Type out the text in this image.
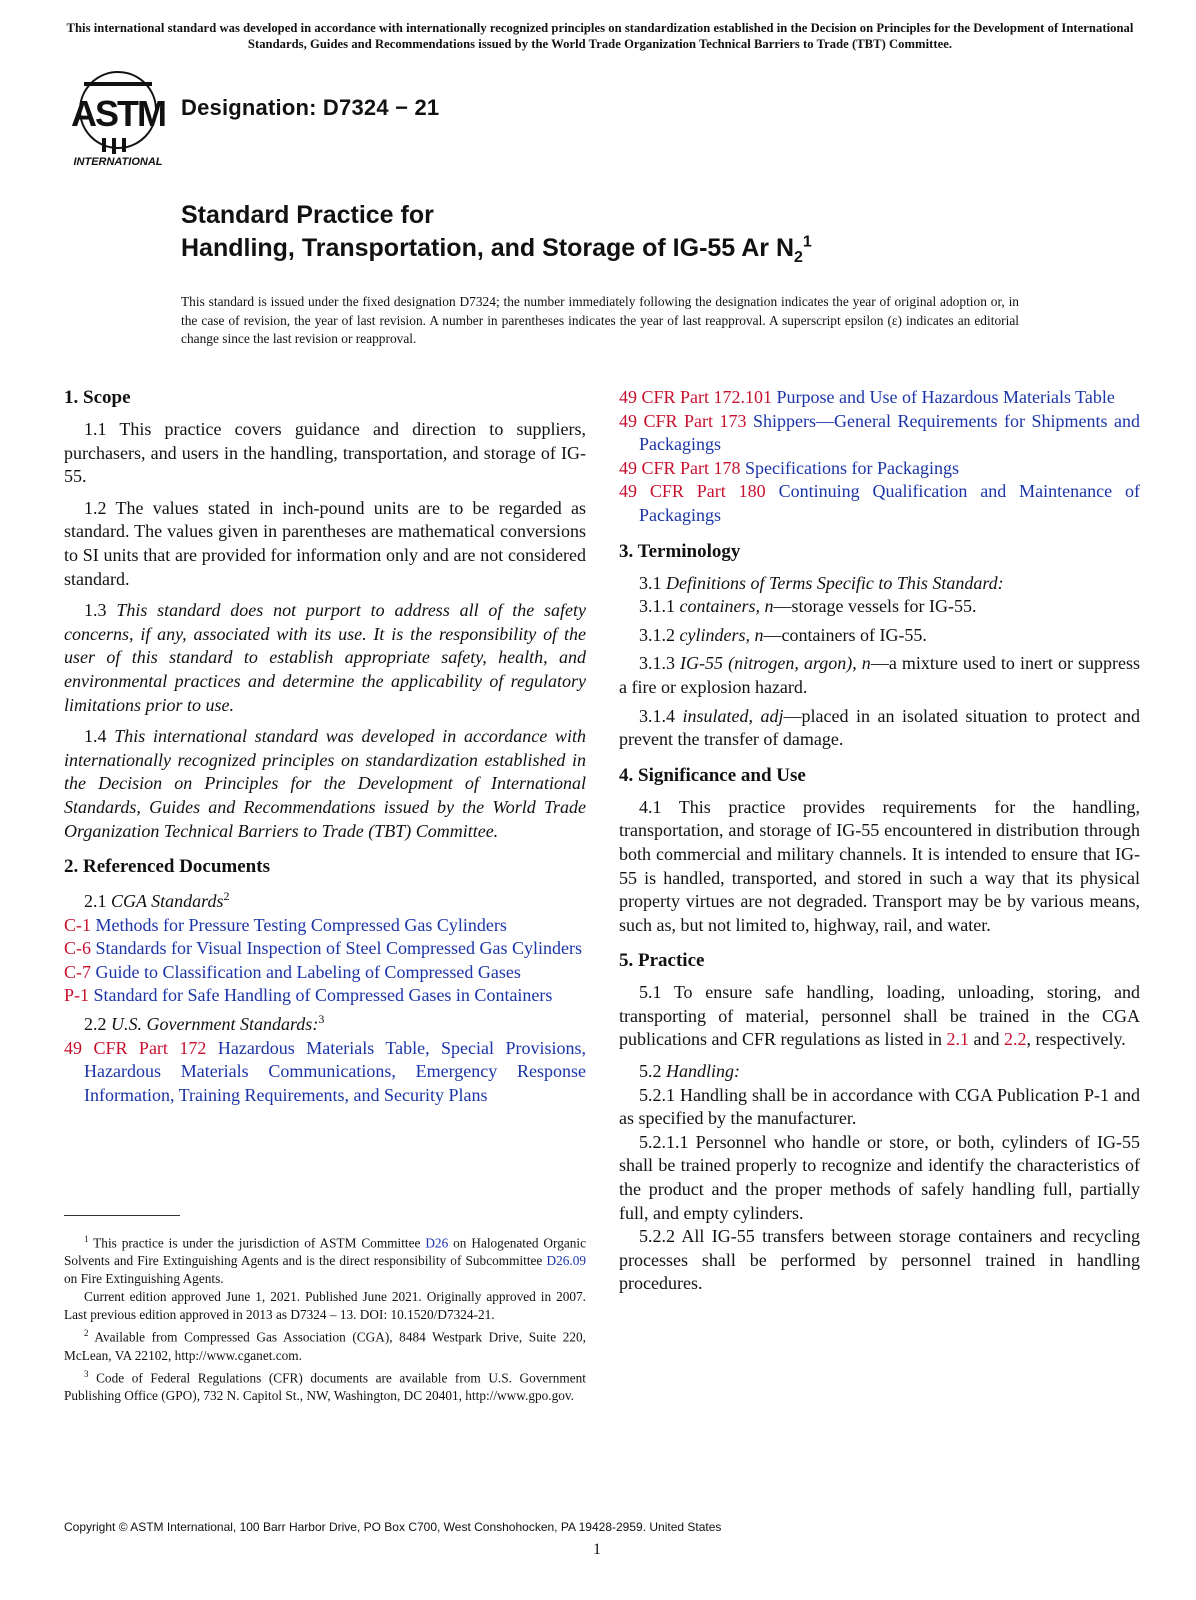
This international standard was developed in accordance with internationally recognized principles on standardization established in the Decision on Principles for the Development of International Standards, Guides and Recommendations issued by the World Trade Organization Technical Barriers to Trade (TBT) Committee.
ASTM
INTERNATIONAL
Designation: D7324 − 21
Standard Practice for
Handling, Transportation, and Storage of IG-55 Ar $N_2^1$
This standard is issued under the fixed designation D7324; the number immediately following the designation indicates the year of original adoption or, in the case of revision, the year of last revision. A number in parentheses indicates the year of last reapproval. A superscript epsilon (ε) indicates an editorial change since the last revision or reapproval.
1. Scope

1.1 This practice covers guidance and direction to suppliers, purchasers, and users in the handling, transportation, and storage of IG-55.

1.2 The values stated in inch-pound units are to be regarded as standard. The values given in parentheses are mathematical conversions to SI units that are provided for information only and are not considered standard.

1.3 This standard does not purport to address all of the safety concerns, if any, associated with its use. It is the responsibility of the user of this standard to establish appropriate safety, health, and environmental practices and determine the applicability of regulatory limitations prior to use.

1.4 This international standard was developed in accordance with internationally recognized principles on standardization established in the Decision on Principles for the Development of International Standards, Guides and Recommendations issued by the World Trade Organization Technical Barriers to Trade (TBT) Committee.

2. Referenced Documents

2.1 CGA Standards$^2$

C-1 Methods for Pressure Testing Compressed Gas Cylinders

C-6 Standards for Visual Inspection of Steel Compressed Gas Cylinders

C-7 Guide to Classification and Labeling of Compressed Gases

P-1 Standard for Safe Handling of Compressed Gases in Containers

2.2 U.S. Government Standards:$^3$

49 CFR Part 172 Hazardous Materials Table, Special Provisions, Hazardous Materials Communications, Emergency Response Information, Training Requirements, and Security Plans

49 CFR Part 172.101 Purpose and Use of Hazardous Materials Table

49 CFR Part 173 Shippers—General Requirements for Shipments and Packagings

49 CFR Part 178 Specifications for Packagings

49 CFR Part 180 Continuing Qualification and Maintenance of Packagings

3. Terminology

3.1 Definitions of Terms Specific to This Standard:

3.1.1 containers, n—storage vessels for IG-55.

3.1.2 cylinders, n—containers of IG-55.

3.1.3 IG-55 (nitrogen, argon), n—a mixture used to inert or suppress a fire or explosion hazard.

3.1.4 insulated, adj—placed in an isolated situation to protect and prevent the transfer of damage.

4. Significance and Use

4.1 This practice provides requirements for the handling, transportation, and storage of IG-55 encountered in distribution through both commercial and military channels. It is intended to ensure that IG-55 is handled, transported, and stored in such a way that its physical property virtues are not degraded. Transport may be by various means, such as, but not limited to, highway, rail, and water.

5. Practice

5.1 To ensure safe handling, loading, unloading, storing, and transporting of material, personnel shall be trained in the CGA publications and CFR regulations as listed in 2.1 and 2.2, respectively.

5.2 Handling:

5.2.1 Handling shall be in accordance with CGA Publication P-1 and as specified by the manufacturer.

5.2.1.1 Personnel who handle or store, or both, cylinders of IG-55 shall be trained properly to recognize and identify the characteristics of the product and the proper methods of safely handling full, partially full, and empty cylinders.

5.2.2 All IG-55 transfers between storage containers and recycling processes shall be performed by personnel trained in handling procedures.

$^1$ This practice is under the jurisdiction of ASTM Committee D26 on Halogenated Organic Solvents and Fire Extinguishing Agents and is the direct responsibility of Subcommittee D26.09 on Fire Extinguishing Agents.

Current edition approved June 1, 2021. Published June 2021. Originally approved in 2007. Last previous edition approved in 2013 as D7324 – 13. DOI: 10.1520/D7324-21.

$^2$ Available from Compressed Gas Association (CGA), 8484 Westpark Drive, Suite 220, McLean, VA 22102, http://www.cganet.com.

$^3$ Code of Federal Regulations (CFR) documents are available from U.S. Government Publishing Office (GPO), 732 N. Capitol St., NW, Washington, DC 20401, http://www.gpo.gov.

Copyright © ASTM International, 100 Barr Harbor Drive, PO Box C700, West Conshohocken, PA 19428-2959. United States
1
